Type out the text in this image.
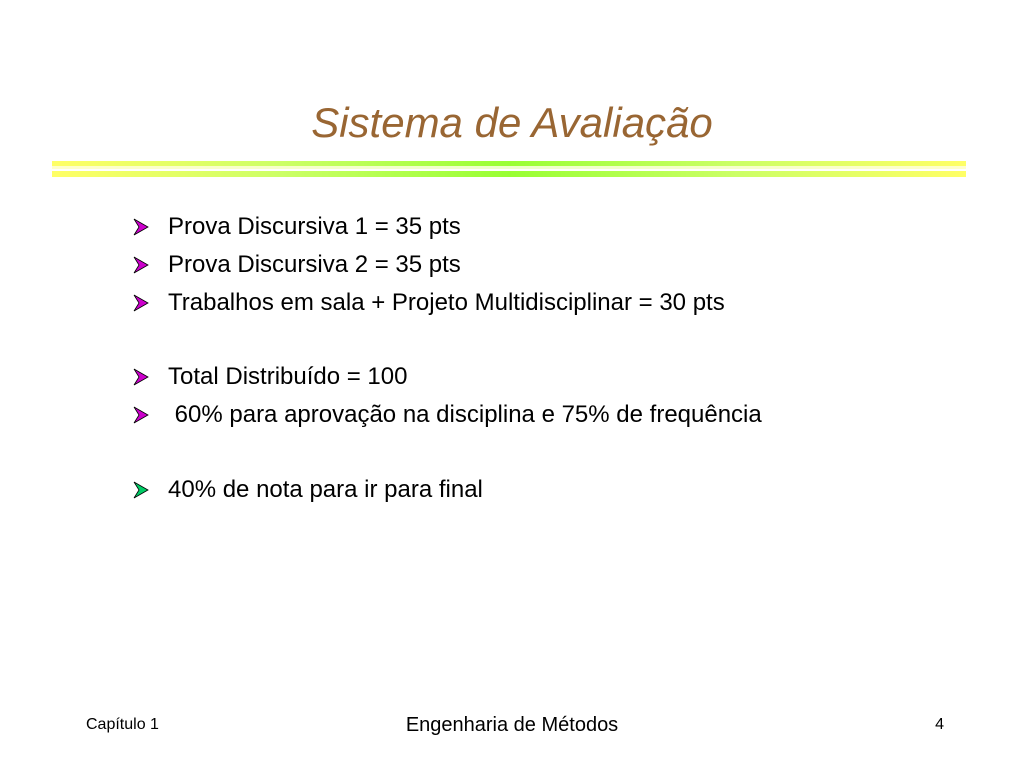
Sistema de Avaliação
Prova Discursiva 1 = 35 pts
Prova Discursiva 2 = 35 pts
Trabalhos em sala + Projeto Multidisciplinar = 30 pts
Total Distribuído = 100
60% para aprovação na disciplina e 75% de frequência
40% de nota para ir para final
Capítulo 1	Engenharia de Métodos	4
